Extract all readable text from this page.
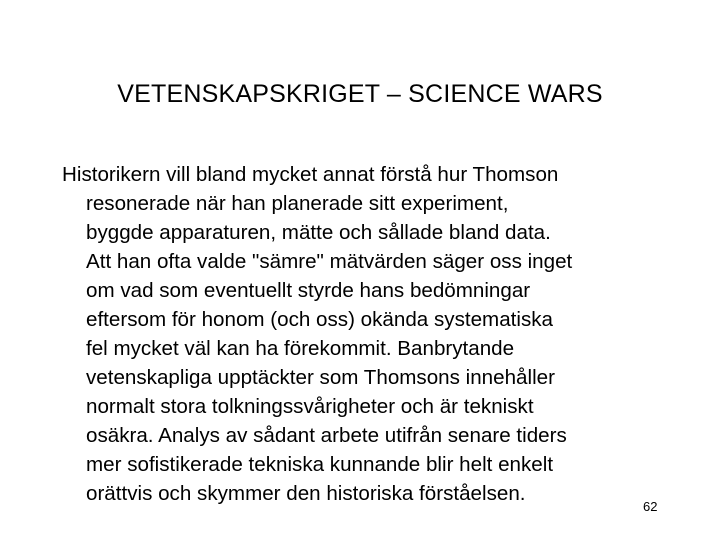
VETENSKAPSKRIGET – SCIENCE WARS
Historikern vill bland mycket annat förstå hur Thomson
resonerade när han planerade sitt experiment,
byggde apparaturen, mätte och sållade bland data.
Att han ofta valde "sämre" mätvärden säger oss inget
om vad som eventuellt styrde hans bedömningar
eftersom för honom (och oss) okända systematiska
fel mycket väl kan ha förekommit. Banbrytande
vetenskapliga upptäckter som Thomsons innehåller
normalt stora tolkningssvårigheter och är tekniskt
osäkra. Analys av sådant arbete utifrån senare tiders
mer sofistikerade tekniska kunnande blir helt enkelt
orättvis och skymmer den historiska förståelsen.
62
